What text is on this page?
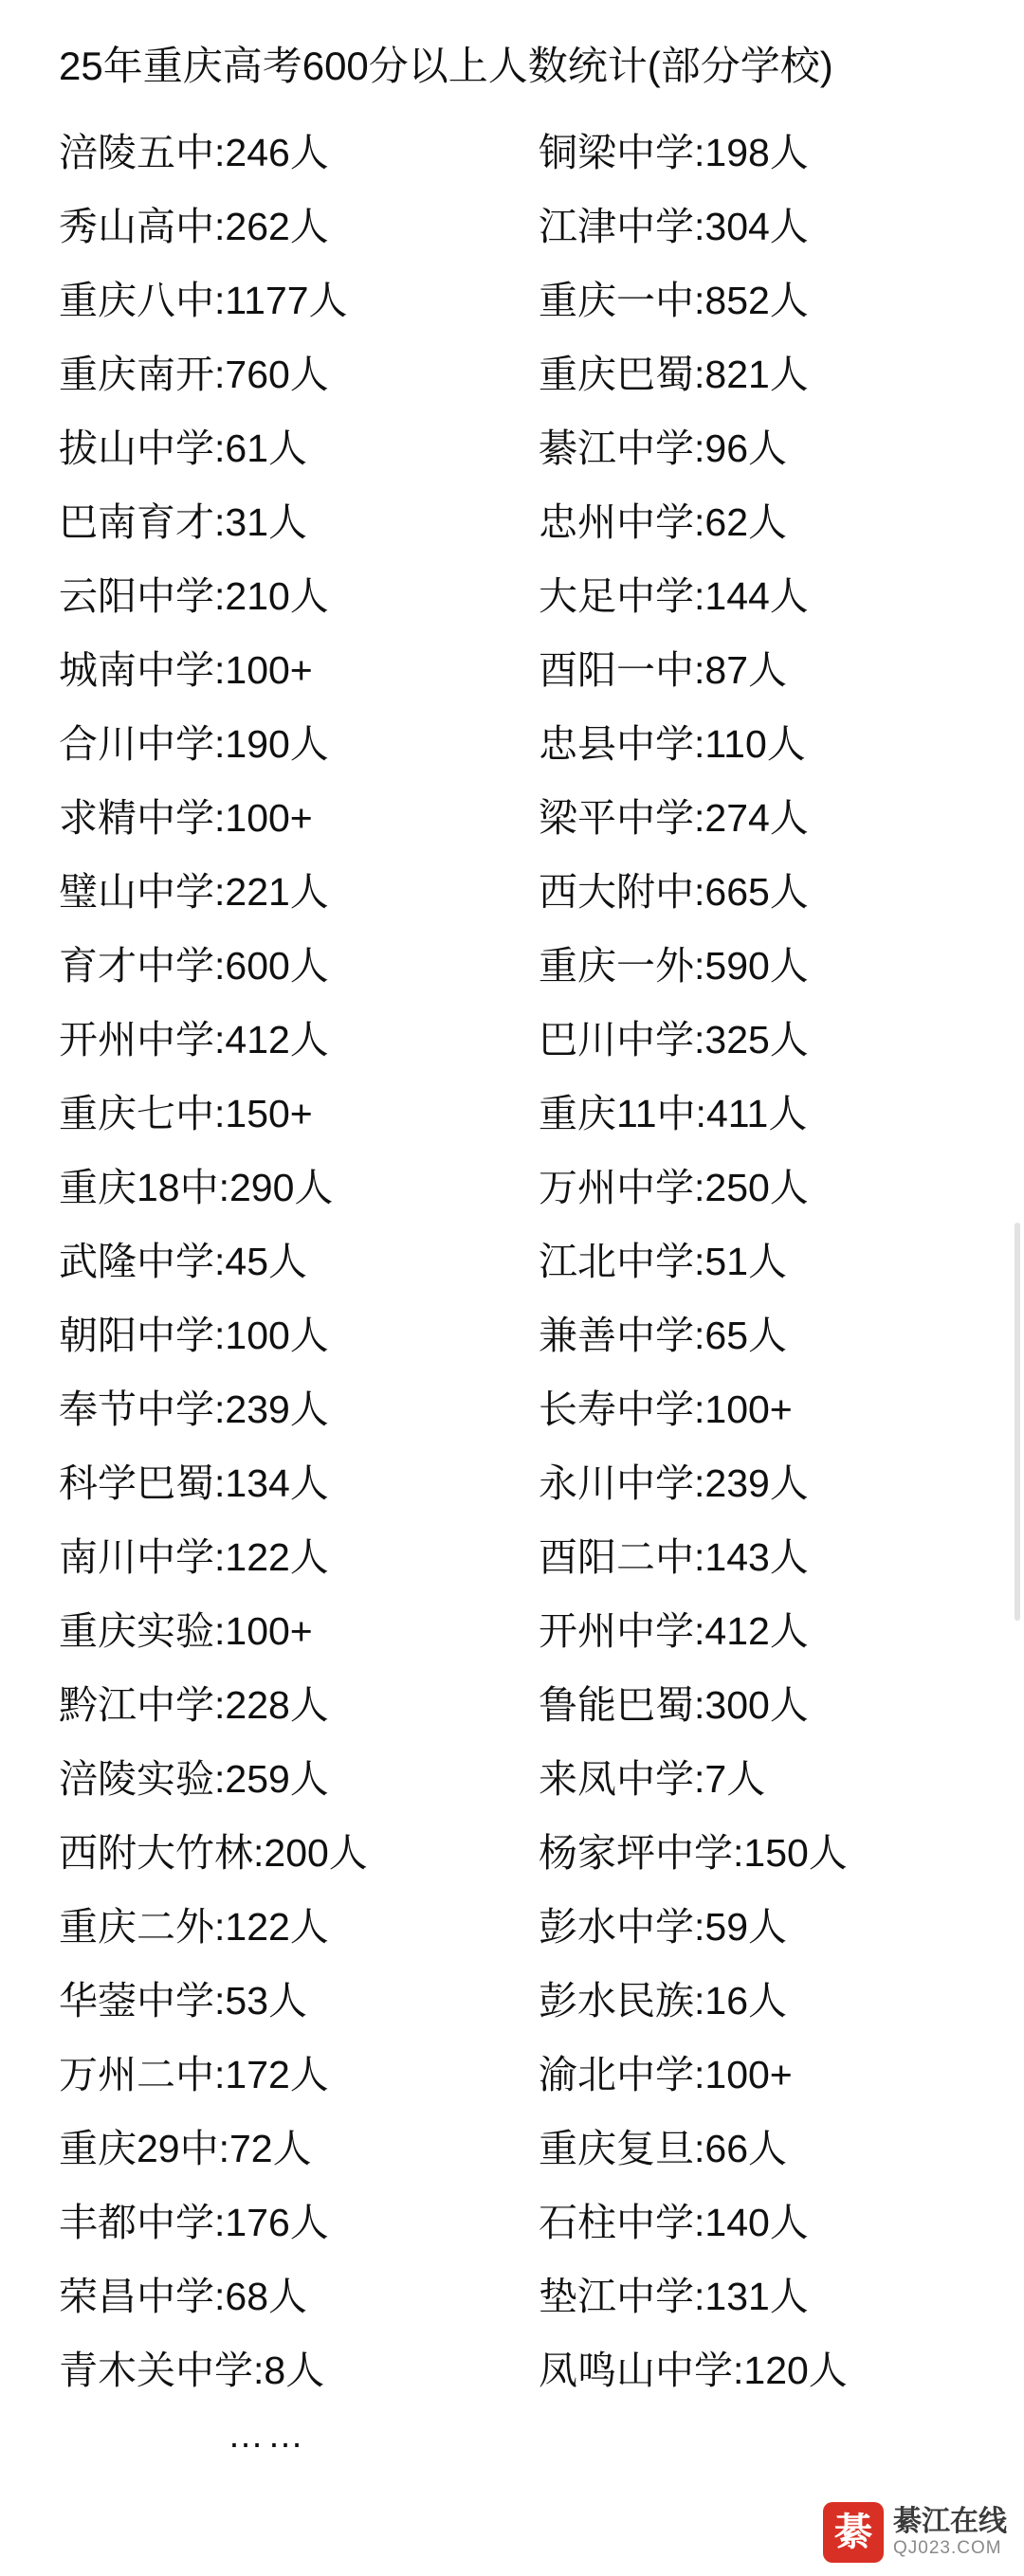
25年重庆高考600分以上人数统计(部分学校)
涪陵五中:246人	铜梁中学:198人
秀山高中:262人	江津中学:304人
重庆八中:1177人	重庆一中:852人
重庆南开:760人	重庆巴蜀:821人
拔山中学:61人	綦江中学:96人
巴南育才:31人	忠州中学:62人
云阳中学:210人	大足中学:144人
城南中学:100+	酉阳一中:87人
合川中学:190人	忠县中学:110人
求精中学:100+	梁平中学:274人
璧山中学:221人	西大附中:665人
育才中学:600人	重庆一外:590人
开州中学:412人	巴川中学:325人
重庆七中:150+	重庆11中:411人
重庆18中:290人	万州中学:250人
武隆中学:45人	江北中学:51人
朝阳中学:100人	兼善中学:65人
奉节中学:239人	长寿中学:100+
科学巴蜀:134人	永川中学:239人
南川中学:122人	酉阳二中:143人
重庆实验:100+	开州中学:412人
黔江中学:228人	鲁能巴蜀:300人
涪陵实验:259人	来凤中学:7人
西附大竹林:200人	杨家坪中学:150人
重庆二外:122人	彭水中学:59人
华蓥中学:53人	彭水民族:16人
万州二中:172人	渝北中学:100+
重庆29中:72人	重庆复旦:66人
丰都中学:176人	石柱中学:140人
荣昌中学:68人	垫江中学:131人
青木关中学:8人	凤鸣山中学:120人
……
綦 綦江在线
QJ023.COM
